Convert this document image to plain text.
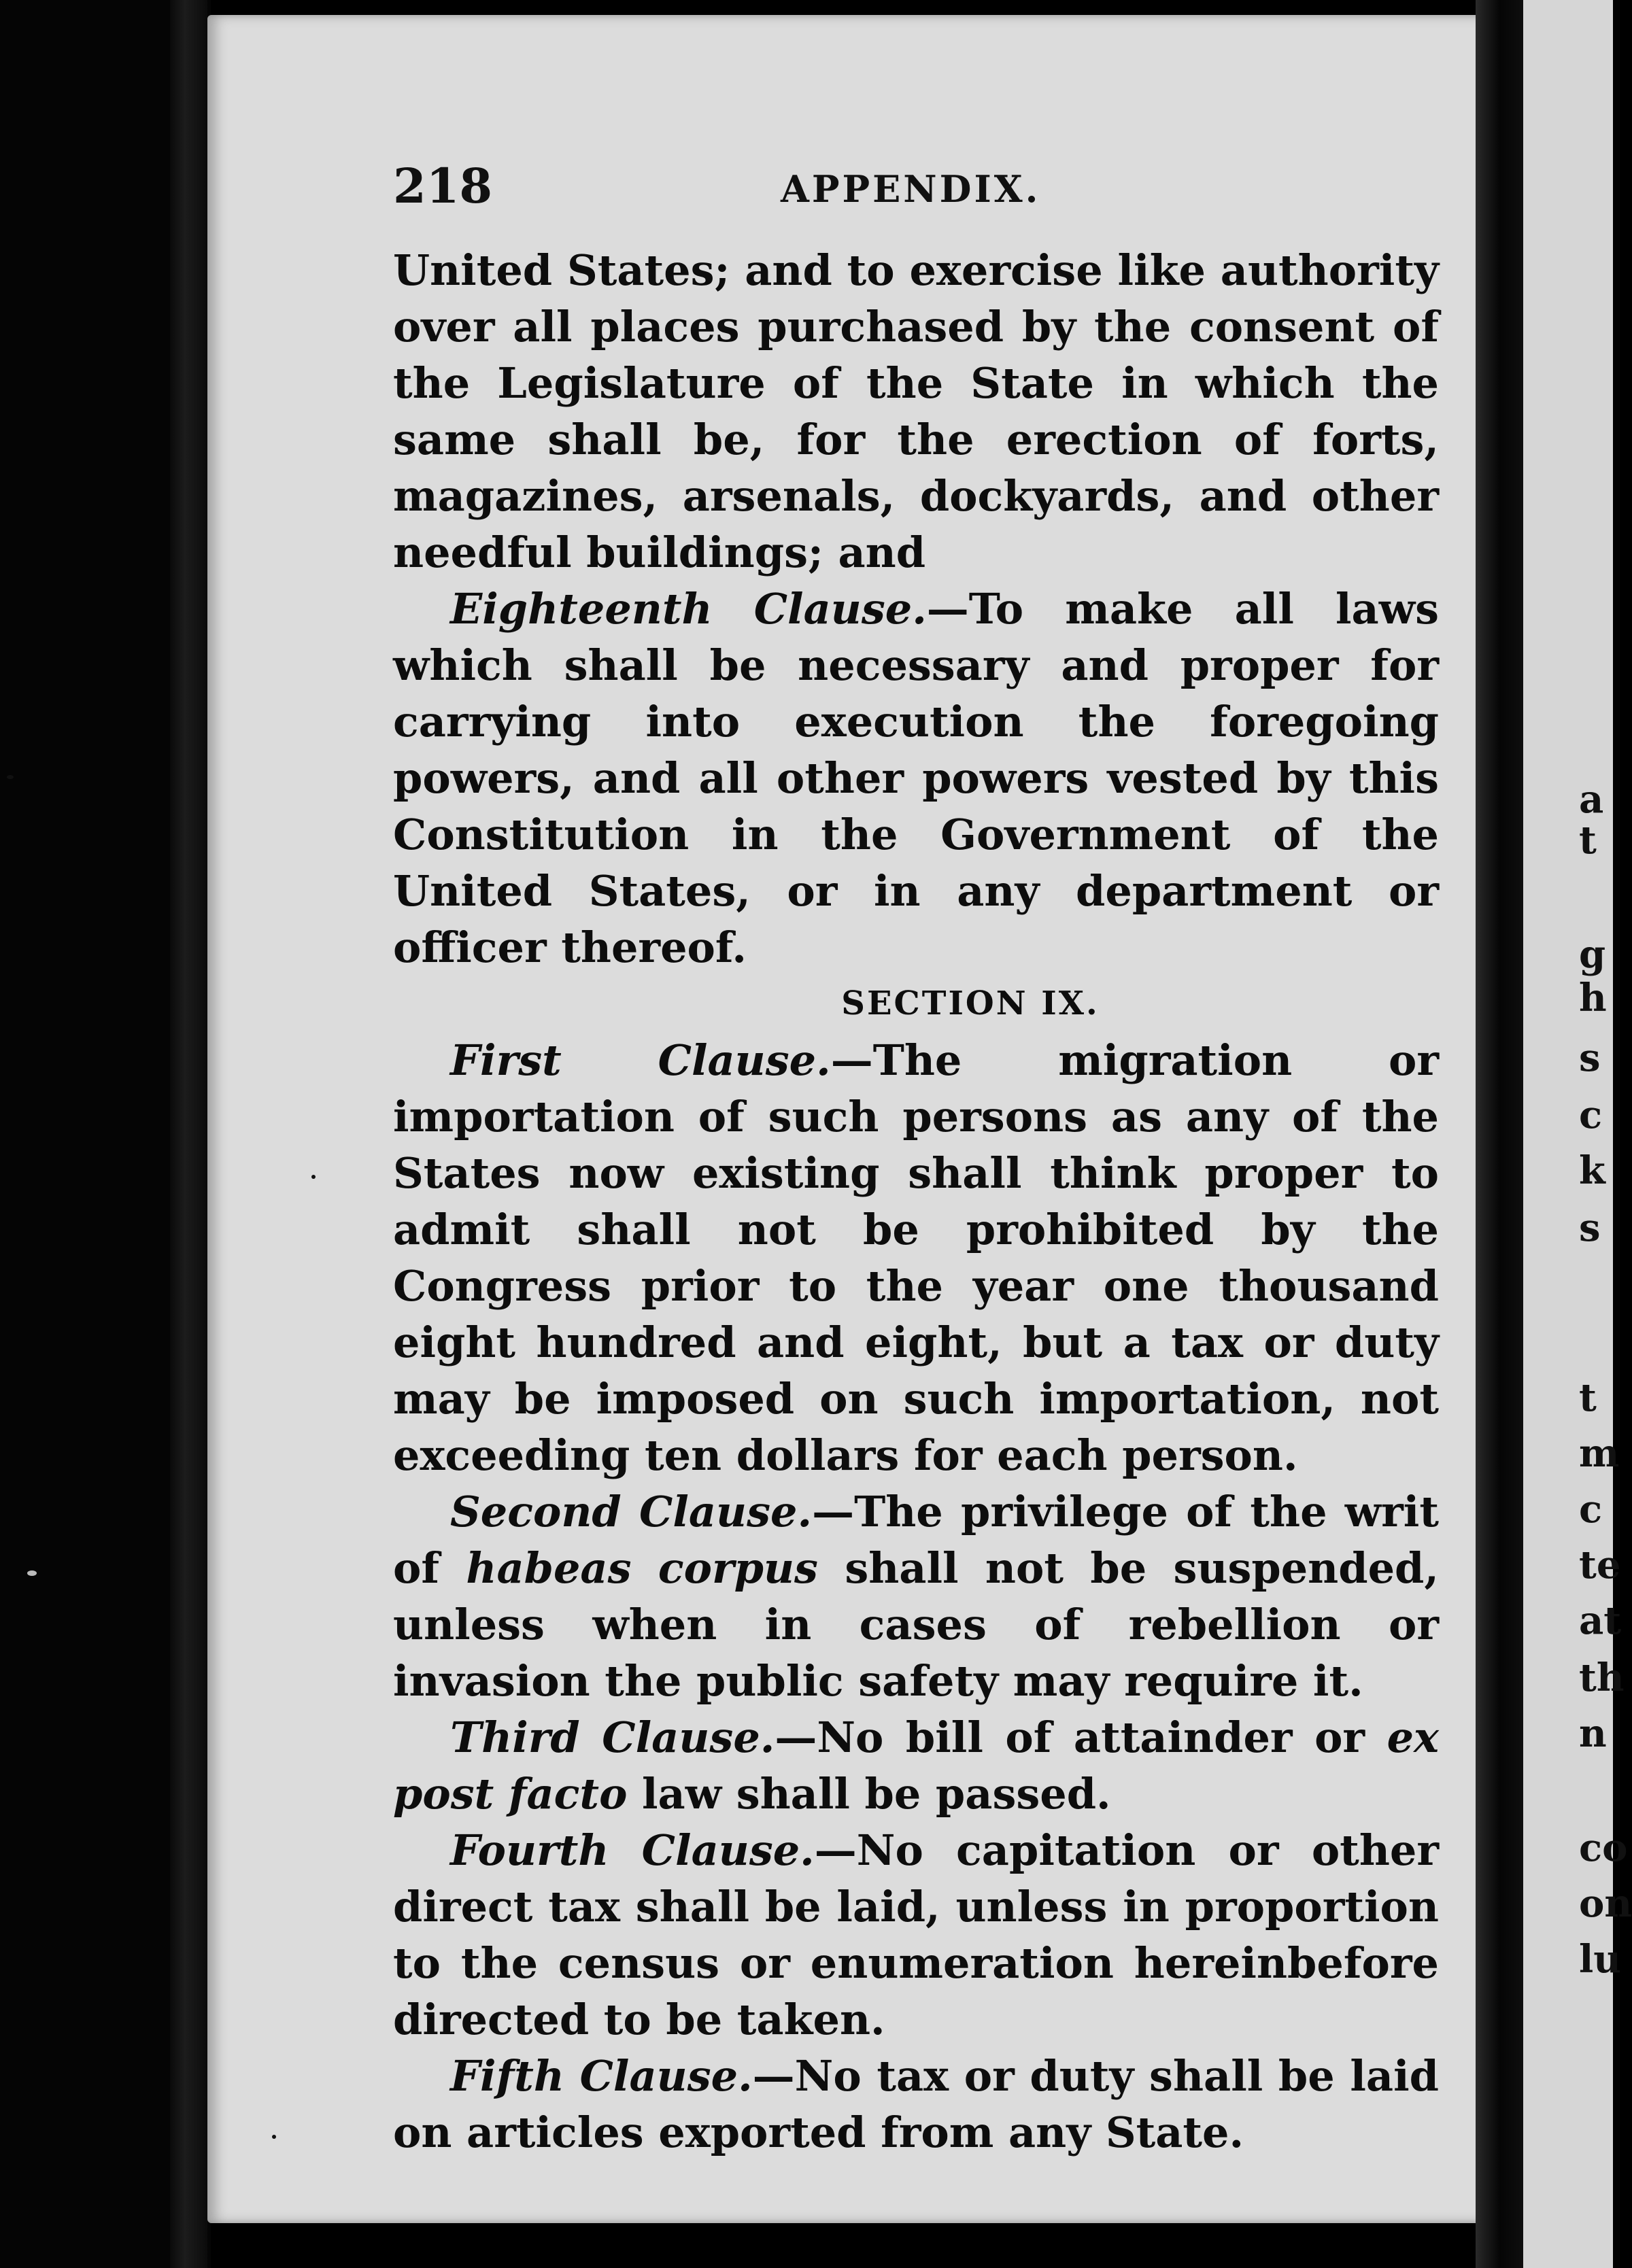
218	APPENDIX.

United States; and to exercise like authority over all places purchased by the consent of the Legislature of the State in which the same shall be, for the erection of forts, magazines, arsenals, dockyards, and other needful buildings; and

Eighteenth Clause.—To make all laws which shall be necessary and proper for carrying into execution the foregoing powers, and all other powers vested by this Constitution in the Government of the United States, or in any department or officer thereof.

SECTION IX.

First Clause.—The migration or importation of such persons as any of the States now existing shall think proper to admit shall not be prohibited by the Congress prior to the year one thousand eight hundred and eight, but a tax or duty may be imposed on such importation, not exceeding ten dollars for each person.

Second Clause.—The privilege of the writ of habeas corpus shall not be suspended, unless when in cases of rebellion or invasion the public safety may require it.

Third Clause.—No bill of attainder or ex post facto law shall be passed.

Fourth Clause.—No capitation or other direct tax shall be laid, unless in proportion to the census or enumeration hereinbefore directed to be taken.

Fifth Clause.—No tax or duty shall be laid on articles exported from any State.

a
t
g
h
s
c
k
s
t
m
c
te
at
th
n
co
on
lu
